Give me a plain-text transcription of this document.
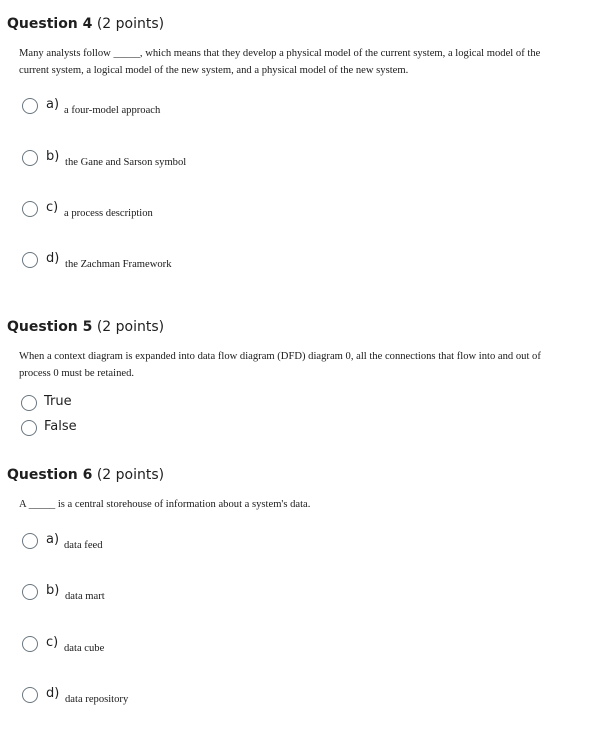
Question 4 (2 points)
Many analysts follow _____, which means that they develop a physical model of the current system, a logical model of the current system, a logical model of the new system, and a physical model of the new system.
a) a four-model approach
b) the Gane and Sarson symbol
c) a process description
d) the Zachman Framework
Question 5 (2 points)
When a context diagram is expanded into data flow diagram (DFD) diagram 0, all the connections that flow into and out of process 0 must be retained.
True
False
Question 6 (2 points)
A _____ is a central storehouse of information about a system's data.
a) data feed
b) data mart
c) data cube
d) data repository
